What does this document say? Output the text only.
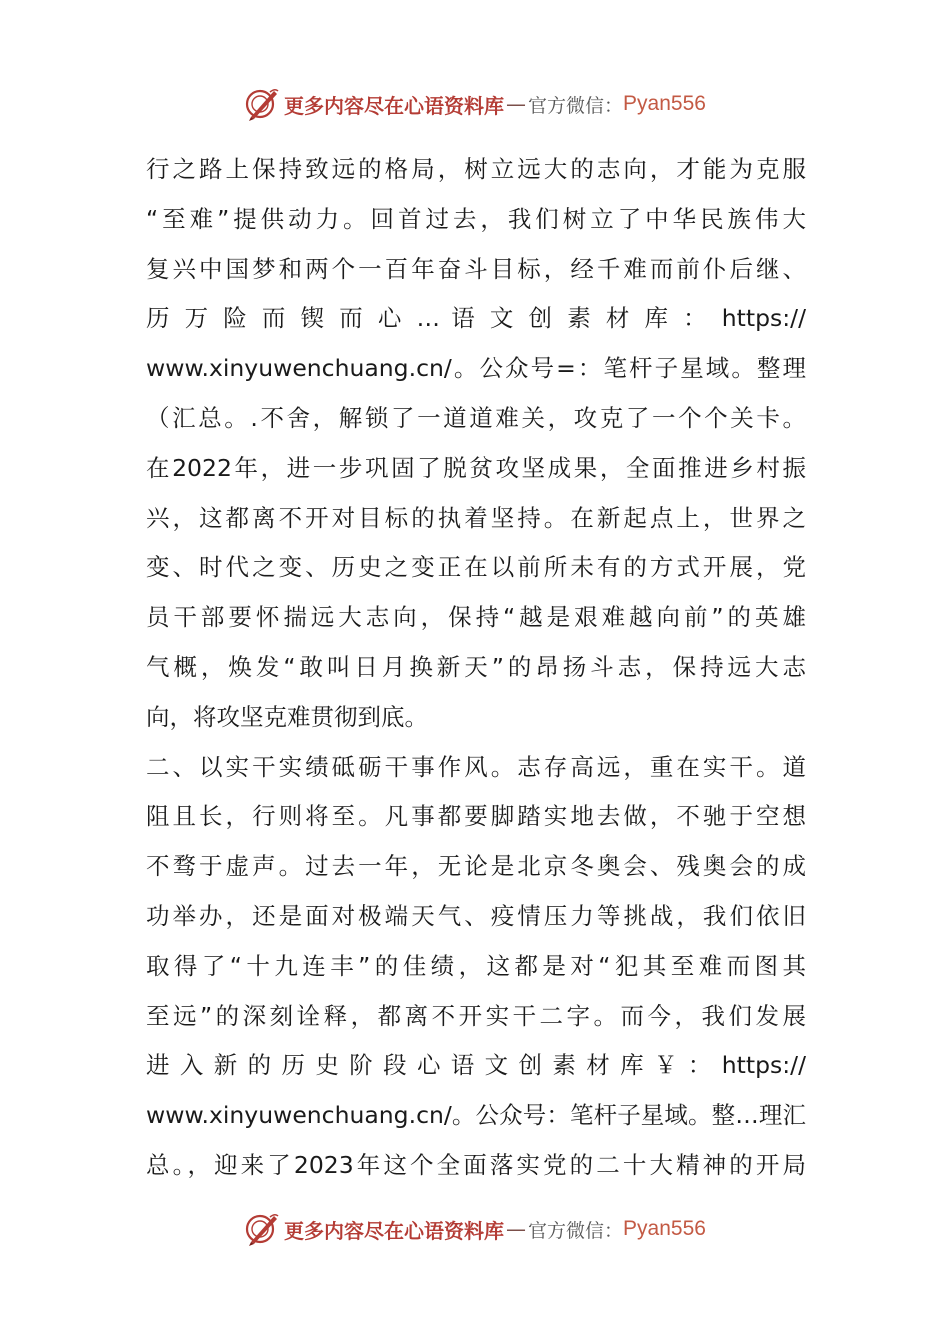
更多内容尽在心语资料库 — 官方微信： Pyan556
行之路上保持致远的格局，树立远大的志向，才能为克服
“至难”提供动力。回首过去，我们树立了中华民族伟大
复兴中国梦和两个一百年奋斗目标，经千难而前仆后继、
历 万 险 而 锲 而 心 … 语 文 创 素 材 库 ： https://
www.xinyuwenchuang.cn/。公众号=：笔杆子星域。整理
（汇总。.不舍，解锁了一道道难关，攻克了一个个关卡。
在2022年，进一步巩固了脱贫攻坚成果，全面推进乡村振
兴，这都离不开对目标的执着坚持。在新起点上，世界之
变、时代之变、历史之变正在以前所未有的方式开展，党
员干部要怀揣远大志向，保持“越是艰难越向前”的英雄
气概，焕发“敢叫日月换新天”的昂扬斗志，保持远大志
向，将攻坚克难贯彻到底。
二、以实干实绩砥砺干事作风。志存高远，重在实干。道
阻且长，行则将至。凡事都要脚踏实地去做，不驰于空想
不骛于虚声。过去一年，无论是北京冬奥会、残奥会的成
功举办，还是面对极端天气、疫情压力等挑战，我们依旧
取得了“十九连丰”的佳绩，这都是对“犯其至难而图其
至远”的深刻诠释，都离不开实干二字。而今，我们发展
进 入 新 的 历 史 阶 段 心 语 文 创 素 材 库 ￥ ： https://
www.xinyuwenchuang.cn/。公众号：笔杆子星域。整…理汇
总。，迎来了2023年这个全面落实党的二十大精神的开局
更多内容尽在心语资料库 — 官方微信： Pyan556
